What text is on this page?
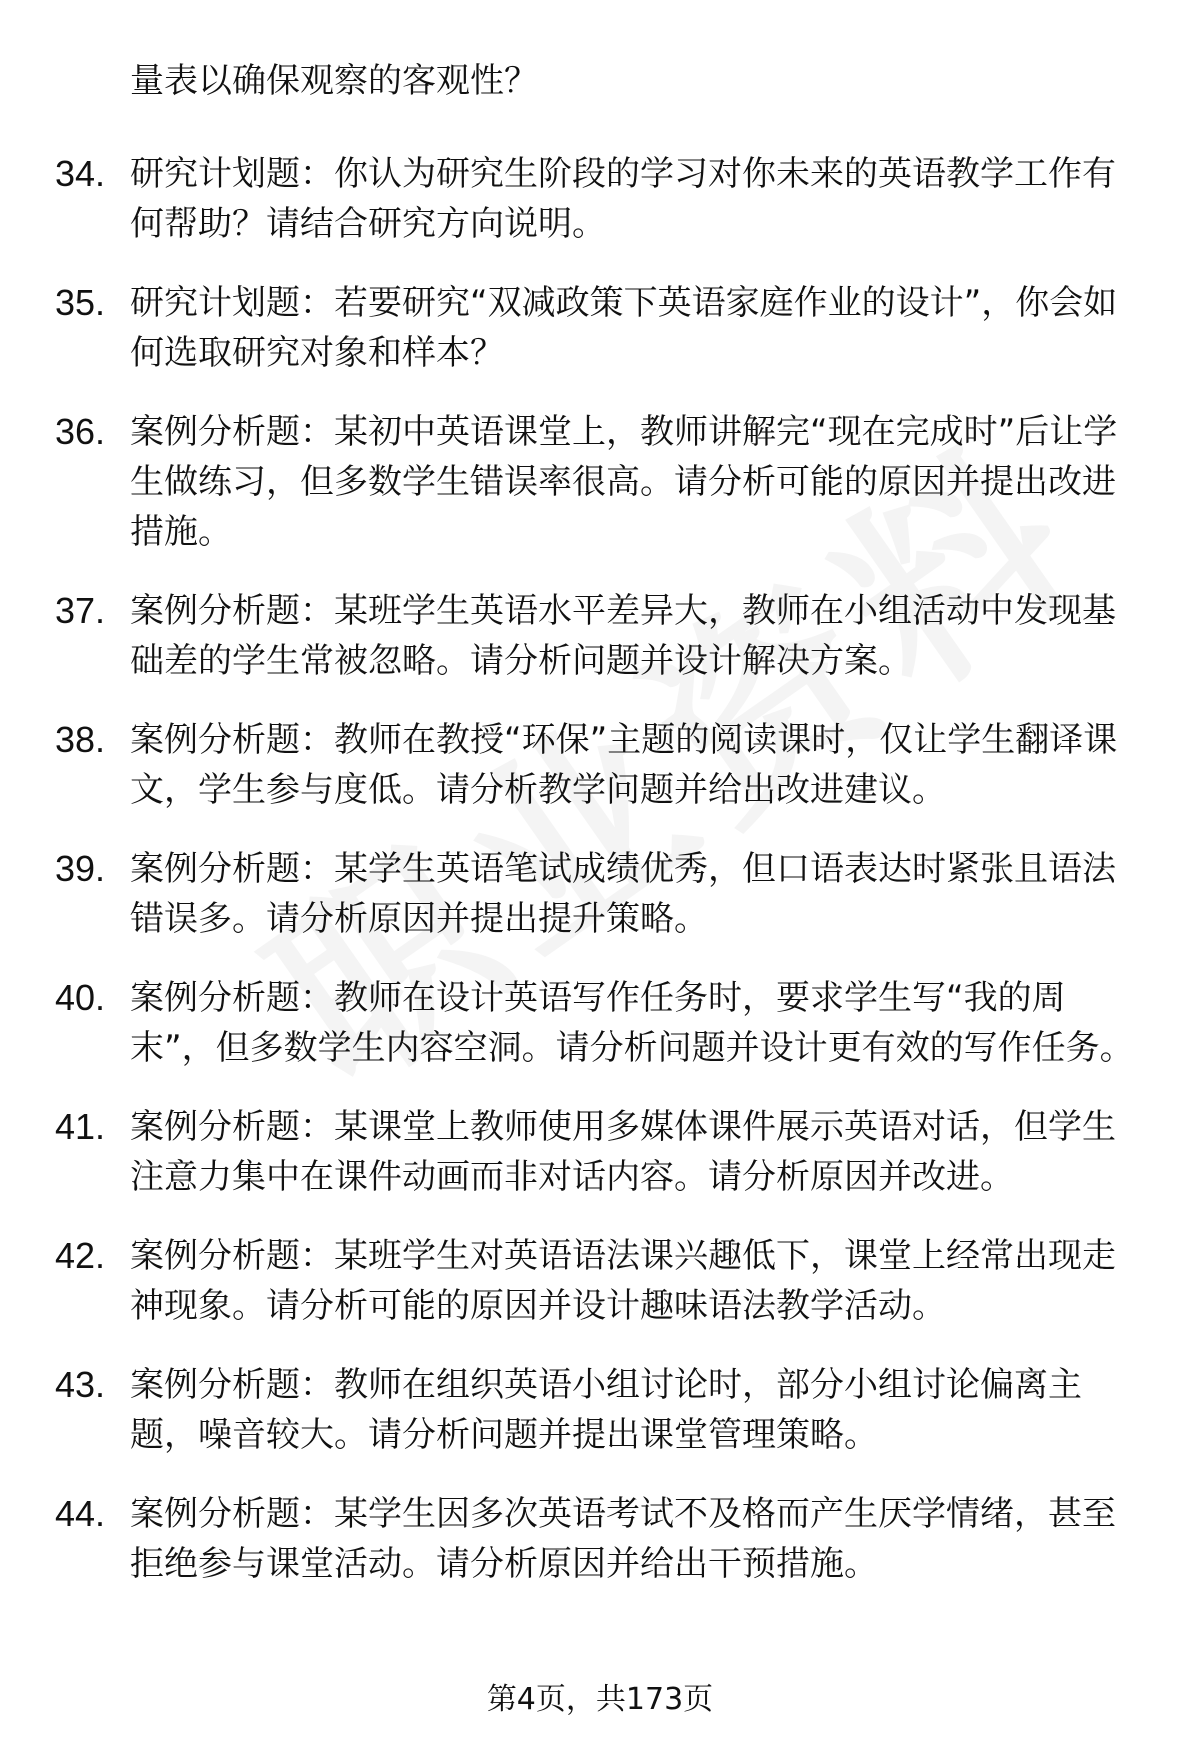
量表以确保观察的客观性？
34. 研究计划题：你认为研究生阶段的学习对你未来的英语教学工作有何帮助？请结合研究方向说明。
35. 研究计划题：若要研究“双减政策下英语家庭作业的设计”，你会如何选取研究对象和样本？
36. 案例分析题：某初中英语课堂上，教师讲解完“现在完成时”后让学生做练习，但多数学生错误率很高。请分析可能的原因并提出改进措施。
37. 案例分析题：某班学生英语水平差异大，教师在小组活动中发现基础差的学生常被忽略。请分析问题并设计解决方案。
38. 案例分析题：教师在教授“环保”主题的阅读课时，仅让学生翻译课文，学生参与度低。请分析教学问题并给出改进建议。
39. 案例分析题：某学生英语笔试成绩优秀，但口语表达时紧张且语法错误多。请分析原因并提出提升策略。
40. 案例分析题：教师在设计英语写作任务时，要求学生写“我的周末”，但多数学生内容空洞。请分析问题并设计更有效的写作任务。
41. 案例分析题：某课堂上教师使用多媒体课件展示英语对话，但学生注意力集中在课件动画而非对话内容。请分析原因并改进。
42. 案例分析题：某班学生对英语语法课兴趣低下，课堂上经常出现走神现象。请分析可能的原因并设计趣味语法教学活动。
43. 案例分析题：教师在组织英语小组讨论时，部分小组讨论偏离主题，噪音较大。请分析问题并提出课堂管理策略。
44. 案例分析题：某学生因多次英语考试不及格而产生厌学情绪，甚至拒绝参与课堂活动。请分析原因并给出干预措施。
第4页，共173页
